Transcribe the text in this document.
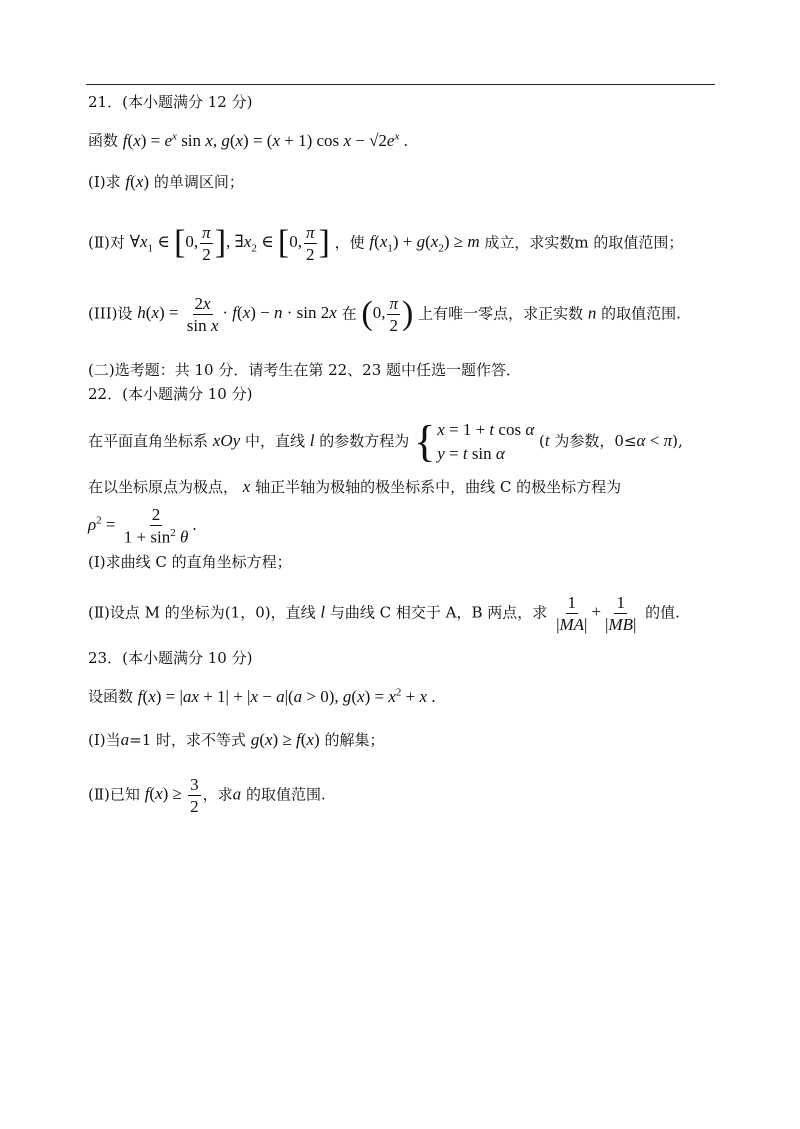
21．(本小题满分 12 分)
函数 $f(x) = e^x$ sin x, g(x) = (x + 1) $\cos x - √2e^x$ .
(I)求 f(x) 的单调区间；
(Ⅱ)对 $\forall x_1$ ∈ [0, $\frac{\pi}{2}$ ], $\exists x_2$ ∈ [0, $\frac{\pi}{2}$ ] ，使 $f(x_1) + g(x_2) \ge m$ 成立，求实数m 的取值范围；
(III)设 $h(x) = \frac{2x}{\text{sin x}} \cdot f(x) - n \cdot \sin 2x$ 在 (0, $\frac{\pi}{2}$ ) 上有唯一零点，求正实数 n 的取值范围.
(二)选考题：共 10 分．请考生在第 22、23 题中任选一题作答．
22．(本小题满分 10 分)
在平面直角坐标系 xOy 中，直线 l 的参数方程为 { x = 1 + t cos α
y = t sin α
(t 为参数，0≤α < π),
在以坐标原点为极点， x 轴正半轴为极轴的极坐标系中，曲线 C 的极坐标方程为
$\rho^2 = \frac{2}{1 + \sin^2 \theta}$ .
(I)求曲线 C 的直角坐标方程；
(Ⅱ)设点 M 的坐标为(1，0)，直线 l 与曲线 C 相交于 A，B 两点，求 $\frac{1}{|MA|} + \frac{1}{|MB|}$ 的值.
23．(本小题满分 10 分)
设函数 f(x) = |ax + 1| + |x − a|(a > 0), $g(x) = x^2 + x$ .
(I)当a=1 时，求不等式 g(x) ≥ f(x) 的解集；
(Ⅱ)已知 $f(x) \ge \frac{3}{2}$ ，求a 的取值范围.
